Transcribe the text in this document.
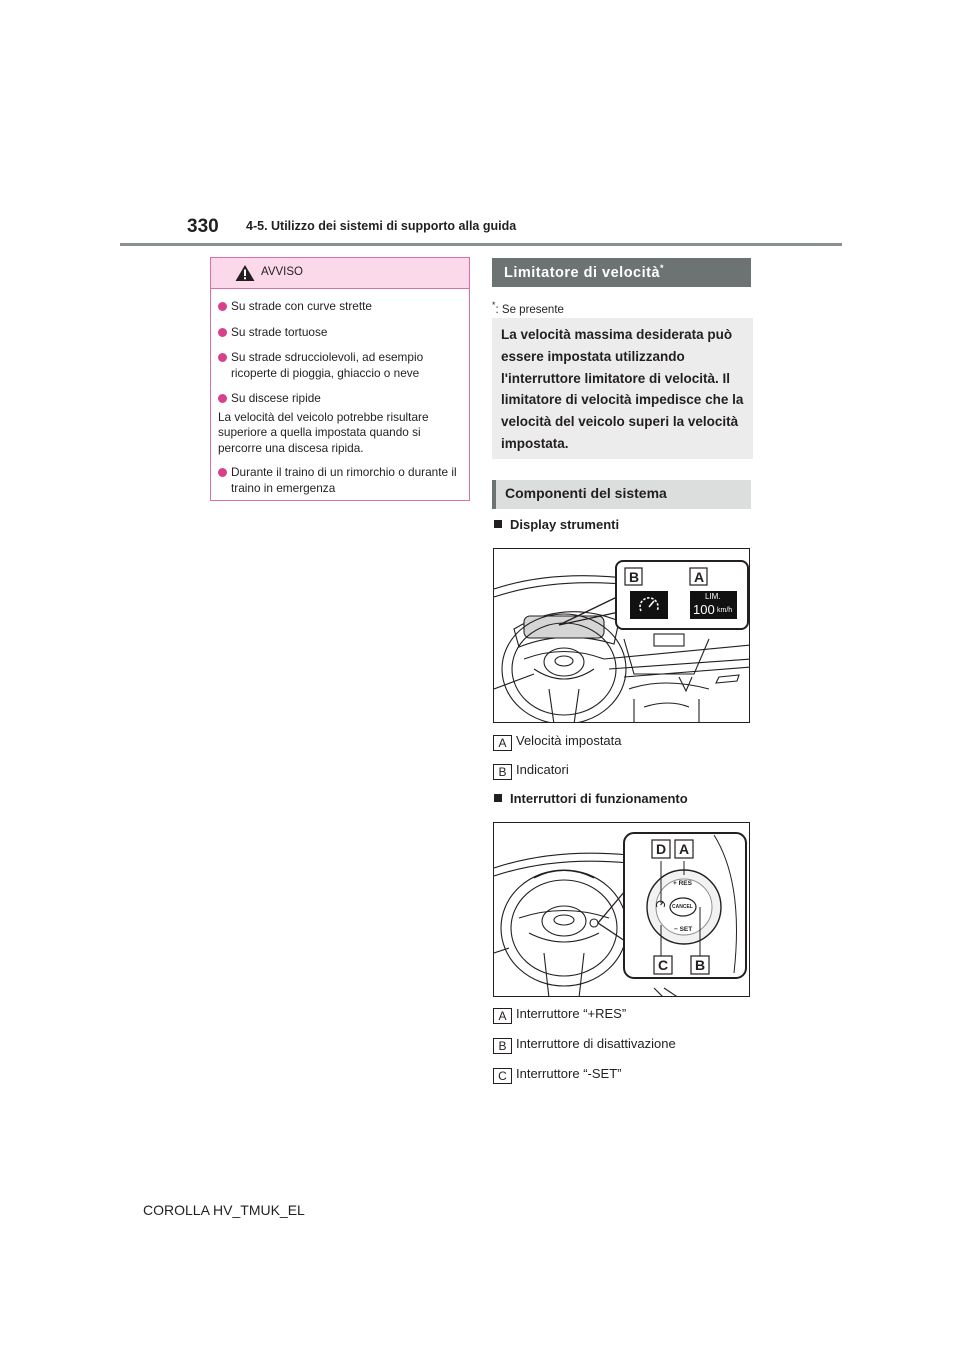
330 4-5. Utilizzo dei sistemi di supporto alla guida
AVVISO
Su strade con curve strette
Su strade tortuose
Su strade sdrucciolevoli, ad esempio ricoperte di pioggia, ghiaccio o neve
Su discese ripide
La velocità del veicolo potrebbe risultare superiore a quella impostata quando si percorre una discesa ripida.
Durante il traino di un rimorchio o durante il traino in emergenza
Limitatore di velocità*
*: Se presente
La velocità massima desiderata può essere impostata utilizzando l'interruttore limitatore di velocità. Il limitatore di velocità impedisce che la velocità del veicolo superi la velocità impostata.
Componenti del sistema
Display strumenti
B	A
LIM.
100 km/h
A Velocità impostata
B Indicatori
Interruttori di funzionamento
D A
C B
+ RES
CANCEL
− SET
A Interruttore “+RES”
B Interruttore di disattivazione
C Interruttore “-SET”
COROLLA HV_TMUK_EL
